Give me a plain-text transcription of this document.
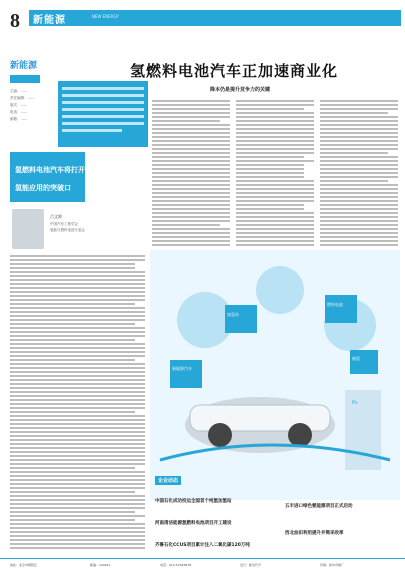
8 新能源	NEW ENERGY
新能源
主编：……
责任编辑：……
版式：……
电话：……
邮箱：……
氢燃料电池汽车正加速商业化
降本仍是提升竞争力的关键
氢燃料电池汽车将打开
氢能应用的突破口
吕文婷
中国汽车工程学会
氢能与燃料电池专委会
新能源汽车
加氢站
燃料电池
储氢
H₂
企业动态
中国石化成功投运全国首个纯氢加氢站
河南清洁能源氢燃料电池项目开工建设
齐鲁石化CCUS项目累计注入二氧化碳120万吨
五丰进口绿色氨能源项目正式启动
西北油田利用提升井筒采收率
地址：北京市朝阳区	邮编：100011	电话：010-12345678	发行：邮发代号	印刷：新华印刷厂
